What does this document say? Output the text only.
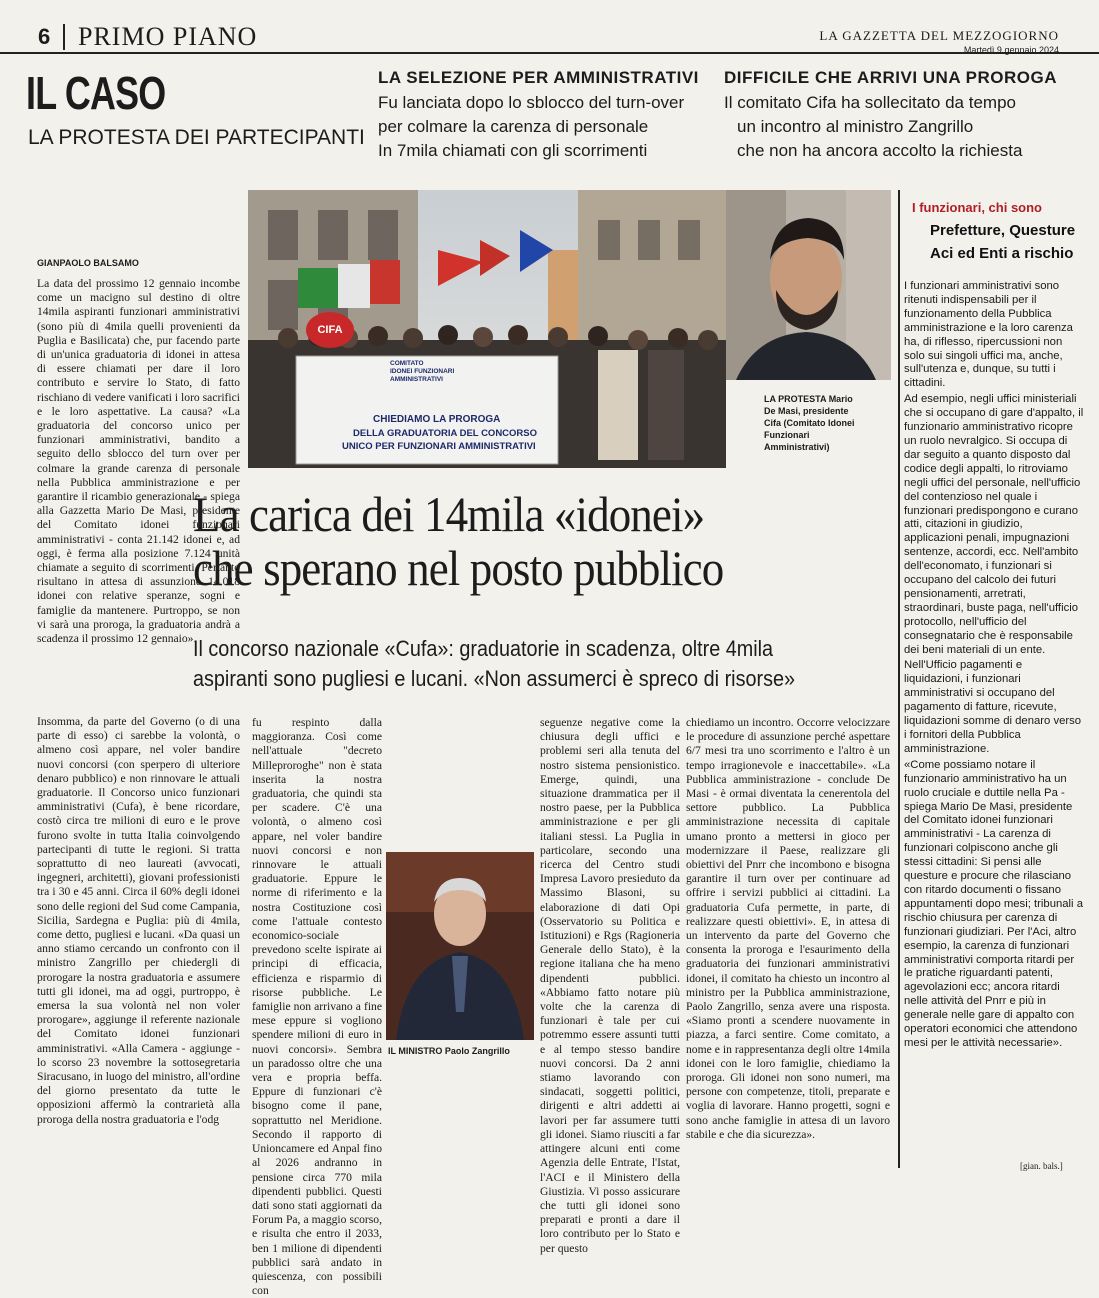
6 PRIMO PIANO	LA GAZZETTA DEL MEZZOGIORNO
Martedì 9 gennaio 2024
IL CASO
LA PROTESTA DEI PARTECIPANTI
LA SELEZIONE PER AMMINISTRATIVI
Fu lanciata dopo lo sblocco del turn-over
per colmare la carenza di personale
In 7mila chiamati con gli scorrimenti
DIFFICILE CHE ARRIVI UNA PROROGA
Il comitato Cifa ha sollecitato da tempo
un incontro al ministro Zangrillo
che non ha ancora accolto la richiesta
CIFA
COMITATO
IDONEI FUNZIONARI
AMMINISTRATIVI
CHIEDIAMO LA PROROGA
DELLA GRADUATORIA DEL CONCORSO
UNICO PER FUNZIONARI AMMINISTRATIVI
LA PROTESTA Mario
De Masi, presidente
Cifa (Comitato Idonei
Funzionari
Amministrativi)
I funzionari, chi sono
Prefetture, Questure
Aci ed Enti a rischio

I funzionari amministrativi sono ritenuti indispensabili per il funzionamento della Pubblica amministrazione e la loro carenza ha, di riflesso, ripercussioni non solo sui singoli uffici ma, anche, sull'utenza e, dunque, su tutti i cittadini.

Ad esempio, negli uffici ministeriali che si occupano di gare d'appalto, il funzionario amministrativo ricopre un ruolo nevralgico. Si occupa di dar seguito a quanto disposto dal codice degli appalti, lo ritroviamo negli uffici del personale, nell'ufficio del contenzioso nel quale i funzionari predispongono e curano atti, citazioni in giudizio, applicazioni penali, impugnazioni sentenze, accordi, ecc. Nell'ambito dell'economato, i funzionari si occupano del calcolo dei futuri pensionamenti, arretrati, straordinari, buste paga, nell'ufficio protocollo, nell'ufficio del consegnatario che è responsabile dei beni materiali di un ente.

Nell'Ufficio pagamenti e liquidazioni, i funzionari amministrativi si occupano del pagamento di fatture, ricevute, liquidazioni somme di denaro verso i fornitori della Pubblica amministrazione.

«Come possiamo notare il funzionario amministrativo ha un ruolo cruciale e duttile nella Pa - spiega Mario De Masi, presidente del Comitato idonei funzionari amministrativi - La carenza di funzionari colpiscono anche gli stessi cittadini: Si pensi alle questure e procure che rilasciano con ritardo documenti o fissano appuntamenti dopo mesi; tribunali a rischio chiusura per carenza di funzionari giudiziari. Per l'Aci, altro esempio, la carenza di funzionari amministrativi comporta ritardi per le pratiche riguardanti patenti, agevolazioni ecc; ancora ritardi nelle attività del Pnrr e più in generale nelle gare di appalto con operatori economici che attendono mesi per le attività necessarie».

[gian. bals.]
GIANPAOLO BALSAMO
La data del prossimo 12 gennaio incombe come un macigno sul destino di oltre 14mila aspiranti funzionari amministrativi (sono più di 4mila quelli provenienti da Puglia e Basilicata) che, pur facendo parte di un'unica graduatoria di idonei in attesa di essere chiamati per dare il loro contributo e servire lo Stato, di fatto rischiano di vedere vanificati i loro sacrifici e le loro aspettative. La causa? «La graduatoria del concorso unico per funzionari amministrativi, bandito a seguito dello sblocco del turn over per colmare la grande carenza di personale nella Pubblica amministrazione e per garantire il ricambio generazionale - spiega alla Gazzetta Mario De Masi, presidente del Comitato idonei funzionari amministrativi - conta 21.142 idonei e, ad oggi, è ferma alla posizione 7.124 unità chiamate a seguito di scorrimenti. Pertanto risultano in attesa di assunzione 14.018 idonei con relative speranze, sogni e famiglie da mantenere. Purtroppo, se non vi sarà una proroga, la graduatoria andrà a scadenza il prossimo 12 gennaio».
La carica dei 14mila «idonei»
che sperano nel posto pubblico
Il concorso nazionale «Cufa»: graduatorie in scadenza, oltre 4mila
aspiranti sono pugliesi e lucani. «Non assumerci è spreco di risorse»
Insomma, da parte del Governo (o di una parte di esso) ci sarebbe la volontà, o almeno così appare, nel voler bandire nuovi concorsi (con sperpero di ulteriore denaro pubblico) e non rinnovare le attuali graduatorie. Il Concorso unico funzionari amministrativi (Cufa), è bene ricordare, costò circa tre milioni di euro e le prove furono svolte in tutta Italia coinvolgendo partecipanti di tutte le regioni. Si tratta soprattutto di neo laureati (avvocati, ingegneri, architetti), giovani professionisti tra i 30 e 45 anni. Circa il 60% degli idonei sono delle regioni del Sud come Campania, Sicilia, Sardegna e Puglia: più di 4mila, come detto, pugliesi e lucani. «Da quasi un anno stiamo cercando un confronto con il ministro Zangrillo per chiedergli di prorogare la nostra graduatoria e assumere tutti gli idonei, ma ad oggi, purtroppo, è emersa la sua volontà nel non voler prorogare», aggiunge il referente nazionale del Comitato idonei funzionari amministrativi. «Alla Camera - aggiunge - lo scorso 23 novembre la sottosegretaria Siracusano, in luogo del ministro, all'ordine del giorno presentato da tutte le opposizioni affermò la contrarietà alla proroga della nostra graduatoria e l'odg
fu respinto dalla maggioranza. Così come nell'attuale "decreto Milleproroghe" non è stata inserita la nostra graduatoria, che quindi sta per scadere. C'è una volontà, o almeno così appare, nel voler bandire nuovi concorsi e non rinnovare le attuali graduatorie. Eppure le norme di riferimento e la nostra Costituzione così come l'attuale contesto economico-sociale prevedono scelte ispirate ai principi di efficacia, efficienza e risparmio di risorse pubbliche. Le famiglie non arrivano a fine mese eppure si vogliono spendere milioni di euro in nuovi concorsi». Sembra un paradosso oltre che una vera e propria beffa. Eppure di funzionari c'è bisogno come il pane, soprattutto nel Meridione. Secondo il rapporto di Unioncamere ed Anpal fino al 2026 andranno in pensione circa 770 mila dipendenti pubblici. Questi dati sono stati aggiornati da Forum Pa, a maggio scorso, e risulta che entro il 2033, ben 1 milione di dipendenti pubblici sarà andato in quiescenza, con possibili con
IL MINISTRO Paolo Zangrillo
seguenze negative come la chiusura degli uffici e problemi seri alla tenuta del nostro sistema pensionistico. Emerge, quindi, una situazione drammatica per il nostro paese, per la Pubblica amministrazione e per gli italiani stessi. La Puglia in particolare, secondo una ricerca del Centro studi Impresa Lavoro presieduto da Massimo Blasoni, su elaborazione di dati Opi (Osservatorio su Politica e Istituzioni) e Rgs (Ragioneria Generale dello Stato), è la regione italiana che ha meno dipendenti pubblici. «Abbiamo fatto notare più volte che la carenza di funzionari è tale per cui potremmo essere assunti tutti e al tempo stesso bandire nuovi concorsi. Da 2 anni stiamo lavorando con sindacati, soggetti politici, dirigenti e altri addetti ai lavori per far assumere tutti gli idonei. Siamo riusciti a far attingere alcuni enti come Agenzia delle Entrate, l'Istat, l'ACI e il Ministero della Giustizia. Vi posso assicurare che tutti gli idonei sono preparati e pronti a dare il loro contributo per lo Stato e per questo
chiediamo un incontro. Occorre velocizzare le procedure di assunzione perché aspettare 6/7 mesi tra uno scorrimento e l'altro è un tempo irragionevole e inaccettabile». «La Pubblica amministrazione - conclude De Masi - è ormai diventata la cenerentola del settore pubblico. La Pubblica amministrazione necessita di capitale umano pronto a mettersi in gioco per modernizzare il Paese, realizzare gli obiettivi del Pnrr che incombono e bisogna garantire il turn over per continuare ad offrire i servizi pubblici ai cittadini. La graduatoria Cufa permette, in parte, di realizzare questi obiettivi». E, in attesa di un intervento da parte del Governo che consenta la proroga e l'esaurimento della graduatoria dei funzionari amministrativi idonei, il comitato ha chiesto un incontro al ministro per la Pubblica amministrazione, Paolo Zangrillo, senza avere una risposta. «Siamo pronti a scendere nuovamente in piazza, a farci sentire. Come comitato, a nome e in rappresentanza degli oltre 14mila idonei con le loro famiglie, chiediamo la proroga. Gli idonei non sono numeri, ma persone con competenze, titoli, preparate e voglia di lavorare. Hanno progetti, sogni e sono anche famiglie in attesa di un lavoro stabile e che dia sicurezza».
